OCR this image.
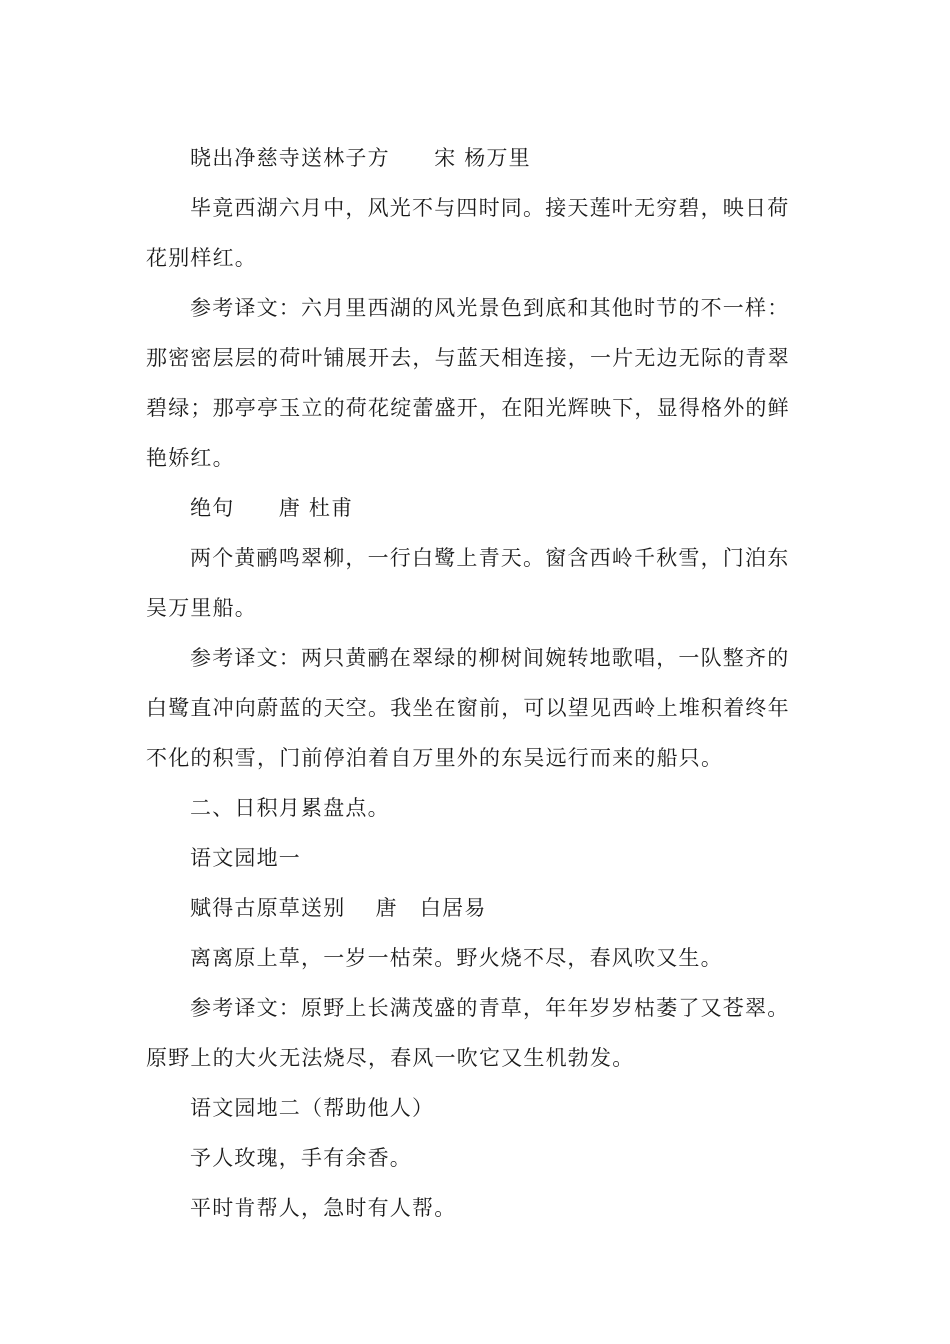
晓出净慈寺送林子方　　宋 杨万里

毕竟西湖六月中，风光不与四时同。接天莲叶无穷碧，映日荷花别样红。

参考译文：六月里西湖的风光景色到底和其他时节的不一样：那密密层层的荷叶铺展开去，与蓝天相连接，一片无边无际的青翠碧绿；那亭亭玉立的荷花绽蕾盛开，在阳光辉映下，显得格外的鲜艳娇红。

绝句　　唐 杜甫

两个黄鹂鸣翠柳，一行白鹭上青天。窗含西岭千秋雪，门泊东吴万里船。

参考译文：两只黄鹂在翠绿的柳树间婉转地歌唱，一队整齐的白鹭直冲向蔚蓝的天空。我坐在窗前，可以望见西岭上堆积着终年不化的积雪，门前停泊着自万里外的东吴远行而来的船只。

二、日积月累盘点。

语文园地一

赋得古原草送别　 唐　白居易

离离原上草，一岁一枯荣。野火烧不尽，春风吹又生。

参考译文：原野上长满茂盛的青草，年年岁岁枯萎了又苍翠。原野上的大火无法烧尽，春风一吹它又生机勃发。

语文园地二（帮助他人）

予人玫瑰，手有余香。

平时肯帮人，急时有人帮。
